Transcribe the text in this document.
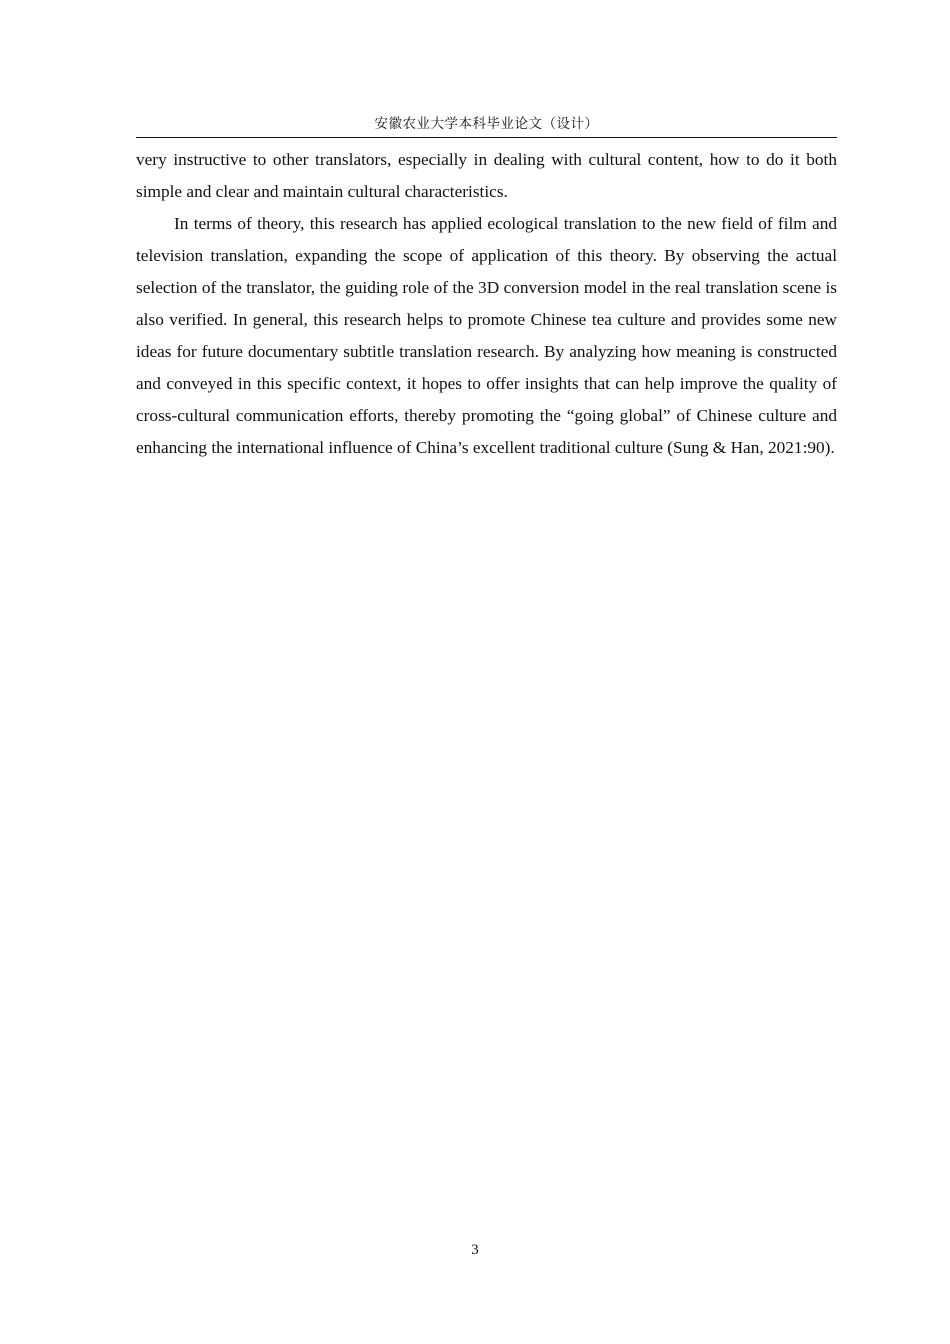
安徽农业大学本科毕业论文（设计）

very instructive to other translators, especially in dealing with cultural content, how to do it both simple and clear and maintain cultural characteristics.

In terms of theory, this research has applied ecological translation to the new field of film and television translation, expanding the scope of application of this theory. By observing the actual selection of the translator, the guiding role of the 3D conversion model in the real translation scene is also verified. In general, this research helps to promote Chinese tea culture and provides some new ideas for future documentary subtitle translation research. By analyzing how meaning is constructed and conveyed in this specific context, it hopes to offer insights that can help improve the quality of cross-cultural communication efforts, thereby promoting the “going global” of Chinese culture and enhancing the international influence of China’s excellent traditional culture (Sung & Han, 2021:90).

3
